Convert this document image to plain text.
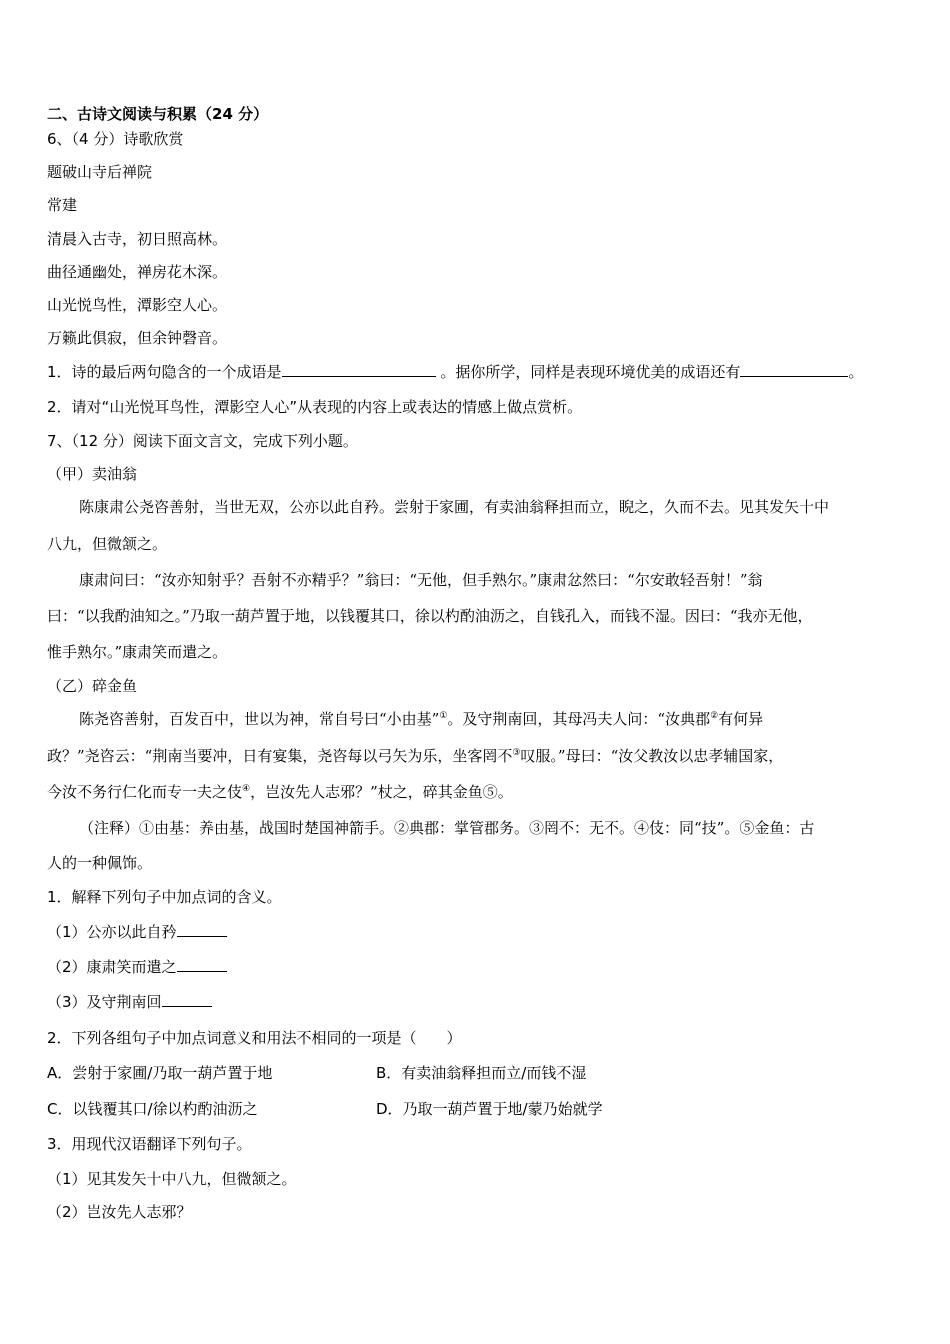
二、古诗文阅读与积累（24 分）
6、（4 分）诗歌欣赏
题破山寺后禅院
常建
清晨入古寺，初日照高林。
曲径通幽处，禅房花木深。
山光悦鸟性，潭影空人心。
万籁此俱寂，但余钟磬音。
1．诗的最后两句隐含的一个成语是	。据你所学，同样是表现环境优美的成语还有	。
2．请对“山光悦耳鸟性，潭影空人心”从表现的内容上或表达的情感上做点赏析。
7、（12 分）阅读下面文言文，完成下列小题。
（甲）卖油翁
陈康肃公尧咨善射，当世无双，公亦以此自矜。尝射于家圃，有卖油翁释担而立，睨之，久而不去。见其发矢十中
八九，但微颔之。
康肃问曰：“汝亦知射乎？吾射不亦精乎？”翁曰：“无他，但手熟尔。”康肃忿然曰：“尔安敢轻吾射！”翁
曰：“以我酌油知之。”乃取一葫芦置于地，以钱覆其口，徐以杓酌油沥之，自钱孔入，而钱不湿。因曰：“我亦无他，
惟手熟尔。”康肃笑而遣之。
（乙）碎金鱼
陈尧咨善射，百发百中，世以为神，常自号曰“小由基”①。及守荆南回，其母冯夫人问：“汝典郡②有何异
政？”尧咨云：“荆南当要冲，日有宴集，尧咨每以弓矢为乐，坐客罔不③叹服。”母曰：“汝父教汝以忠孝辅国家，
今汝不务行仁化而专一夫之伎④，岂汝先人志邪？”杖之，碎其金鱼⑤。
（注释）①由基：养由基，战国时楚国神箭手。②典郡：掌管郡务。③罔不：无不。④伎：同“技”。⑤金鱼：古
人的一种佩饰。
1．解释下列句子中加点词的含义。
（1）公亦以此自矜
（2）康肃笑而遣之
（3）及守荆南回
2．下列各组句子中加点词意义和用法不相同的一项是（　　）
A．尝射于家圃/乃取一葫芦置于地	B．有卖油翁释担而立/而钱不湿
C．以钱覆其口/徐以杓酌油沥之	D．乃取一葫芦置于地/蒙乃始就学
3．用现代汉语翻译下列句子。
（1）见其发矢十中八九，但微颔之。
（2）岂汝先人志邪？
